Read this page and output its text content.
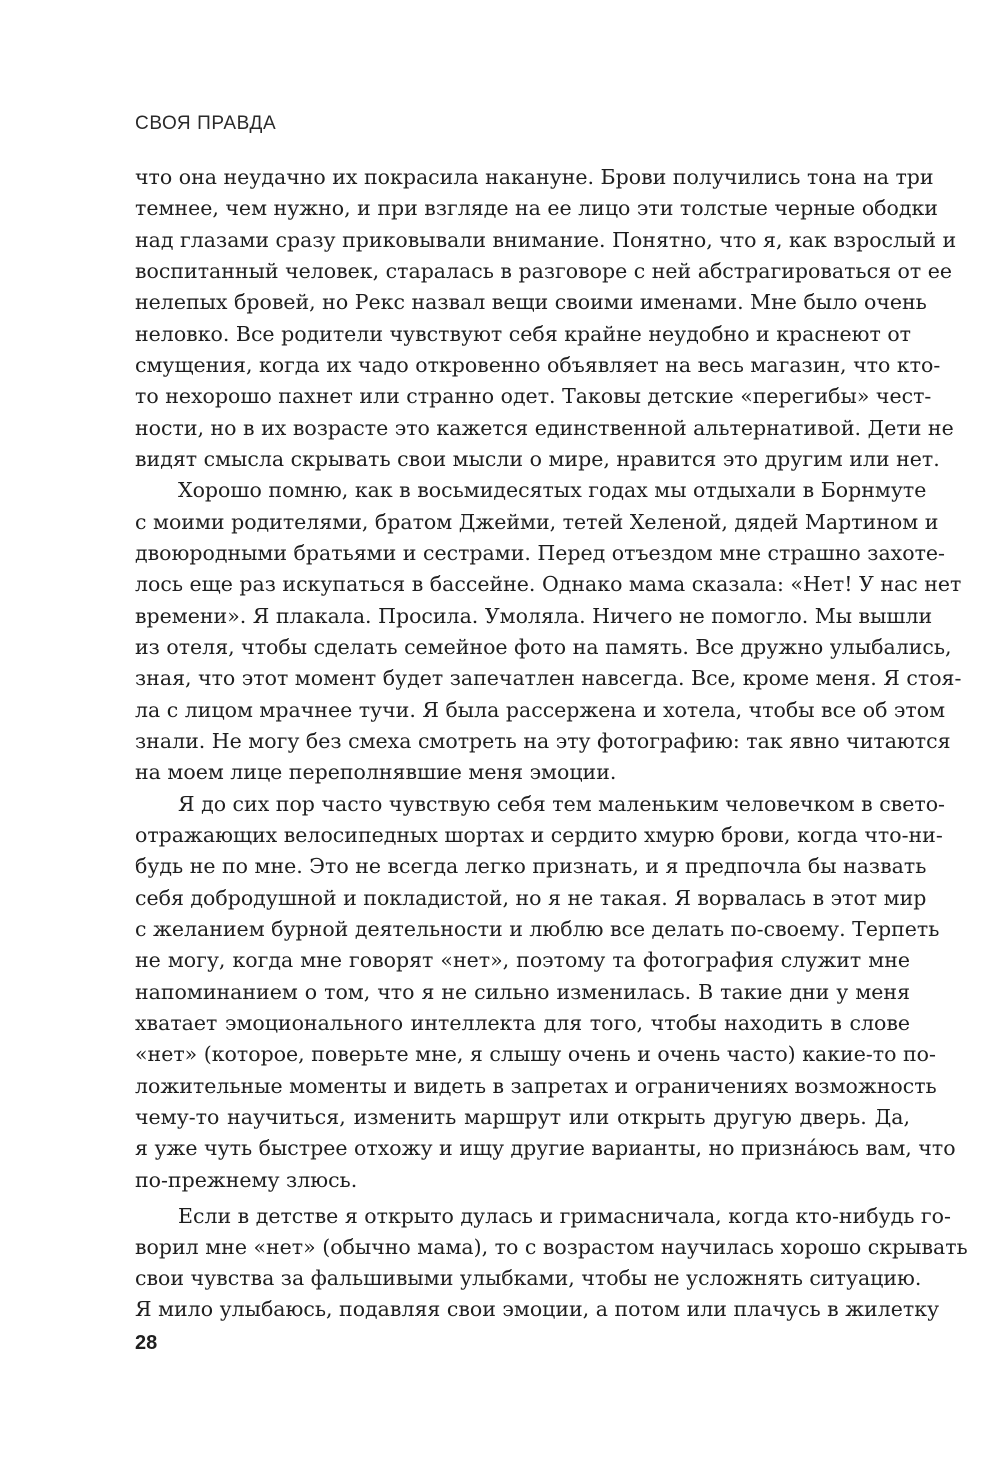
СВОЯ ПРАВДА
что она неудачно их покрасила накануне. Брови получились тона на три
темнее, чем нужно, и при взгляде на ее лицо эти толстые черные ободки
над глазами сразу приковывали внимание. Понятно, что я, как взрослый и
воспитанный человек, старалась в разговоре с ней абстрагироваться от ее
нелепых бровей, но Рекс назвал вещи своими именами. Мне было очень
неловко. Все родители чувствуют себя крайне неудобно и краснеют от
смущения, когда их чадо откровенно объявляет на весь магазин, что кто-
то нехорошо пахнет или странно одет. Таковы детские «перегибы» чест-
ности, но в их возрасте это кажется единственной альтернативой. Дети не
видят смысла скрывать свои мысли о мире, нравится это другим или нет.
Хорошо помню, как в восьмидесятых годах мы отдыхали в Борнмуте
с моими родителями, братом Джейми, тетей Хеленой, дядей Мартином и
двоюродными братьями и сестрами. Перед отъездом мне страшно захоте-
лось еще раз искупаться в бассейне. Однако мама сказала: «Нет! У нас нет
времени». Я плакала. Просила. Умоляла. Ничего не помогло. Мы вышли
из отеля, чтобы сделать семейное фото на память. Все дружно улыбались,
зная, что этот момент будет запечатлен навсегда. Все, кроме меня. Я стоя-
ла с лицом мрачнее тучи. Я была рассержена и хотела, чтобы все об этом
знали. Не могу без смеха смотреть на эту фотографию: так явно читаются
на моем лице переполнявшие меня эмоции.
Я до сих пор часто чувствую себя тем маленьким человечком в свето-
отражающих велосипедных шортах и сердито хмурю брови, когда что-ни-
будь не по мне. Это не всегда легко признать, и я предпочла бы назвать
себя добродушной и покладистой, но я не такая. Я ворвалась в этот мир
с желанием бурной деятельности и люблю все делать по-своему. Терпеть
не могу, когда мне говорят «нет», поэтому та фотография служит мне
напоминанием о том, что я не сильно изменилась. В такие дни у меня
хватает эмоционального интеллекта для того, чтобы находить в слове
«нет» (которое, поверьте мне, я слышу очень и очень часто) какие-то по-
ложительные моменты и видеть в запретах и ограничениях возможность
чему-то научиться, изменить маршрут или открыть другую дверь. Да,
я уже чуть быстрее отхожу и ищу другие варианты, но признáюсь вам, что
по-прежнему злюсь.
Если в детстве я открыто дулась и гримасничала, когда кто-нибудь го-
ворил мне «нет» (обычно мама), то с возрастом научилась хорошо скрывать
свои чувства за фальшивыми улыбками, чтобы не усложнять ситуацию.
Я мило улыбаюсь, подавляя свои эмоции, а потом или плачусь в жилетку
28
